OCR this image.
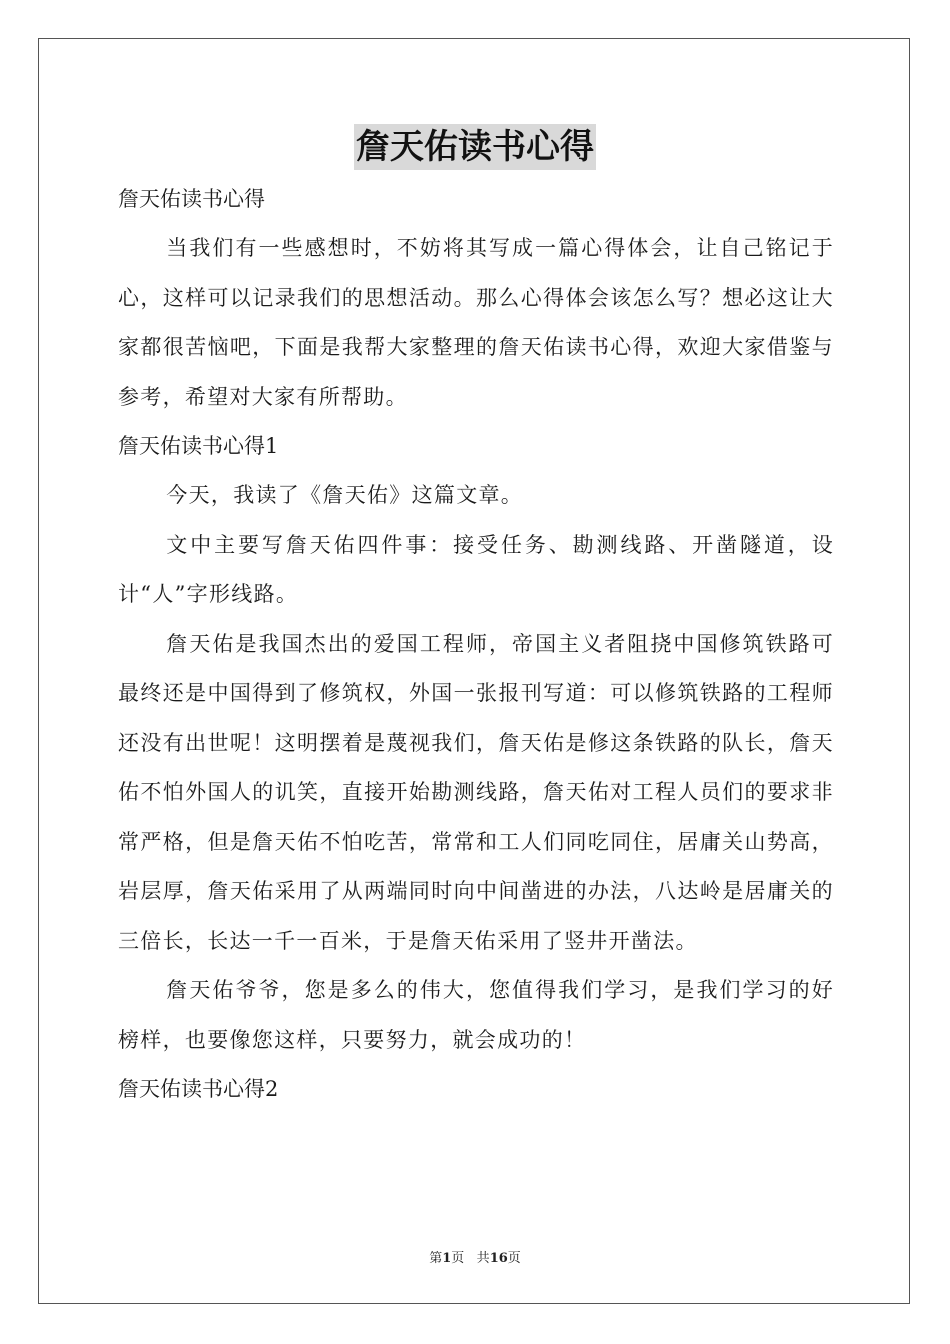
詹天佑读书心得

詹天佑读书心得

当我们有一些感想时，不妨将其写成一篇心得体会，让自己铭记于心，这样可以记录我们的思想活动。那么心得体会该怎么写？想必这让大家都很苦恼吧，下面是我帮大家整理的詹天佑读书心得，欢迎大家借鉴与参考，希望对大家有所帮助。

詹天佑读书心得1

今天，我读了《詹天佑》这篇文章。

文中主要写詹天佑四件事：接受任务、勘测线路、开凿隧道，设计“人”字形线路。

詹天佑是我国杰出的爱国工程师，帝国主义者阻挠中国修筑铁路可最终还是中国得到了修筑权，外国一张报刊写道：可以修筑铁路的工程师还没有出世呢！这明摆着是蔑视我们，詹天佑是修这条铁路的队长，詹天佑不怕外国人的讥笑，直接开始勘测线路，詹天佑对工程人员们的要求非常严格，但是詹天佑不怕吃苦，常常和工人们同吃同住，居庸关山势高，岩层厚，詹天佑采用了从两端同时向中间凿进的办法，八达岭是居庸关的三倍长，长达一千一百米，于是詹天佑采用了竖井开凿法。

詹天佑爷爷，您是多么的伟大，您值得我们学习，是我们学习的好榜样，也要像您这样，只要努力，就会成功的！

詹天佑读书心得2

第1页 共16页
